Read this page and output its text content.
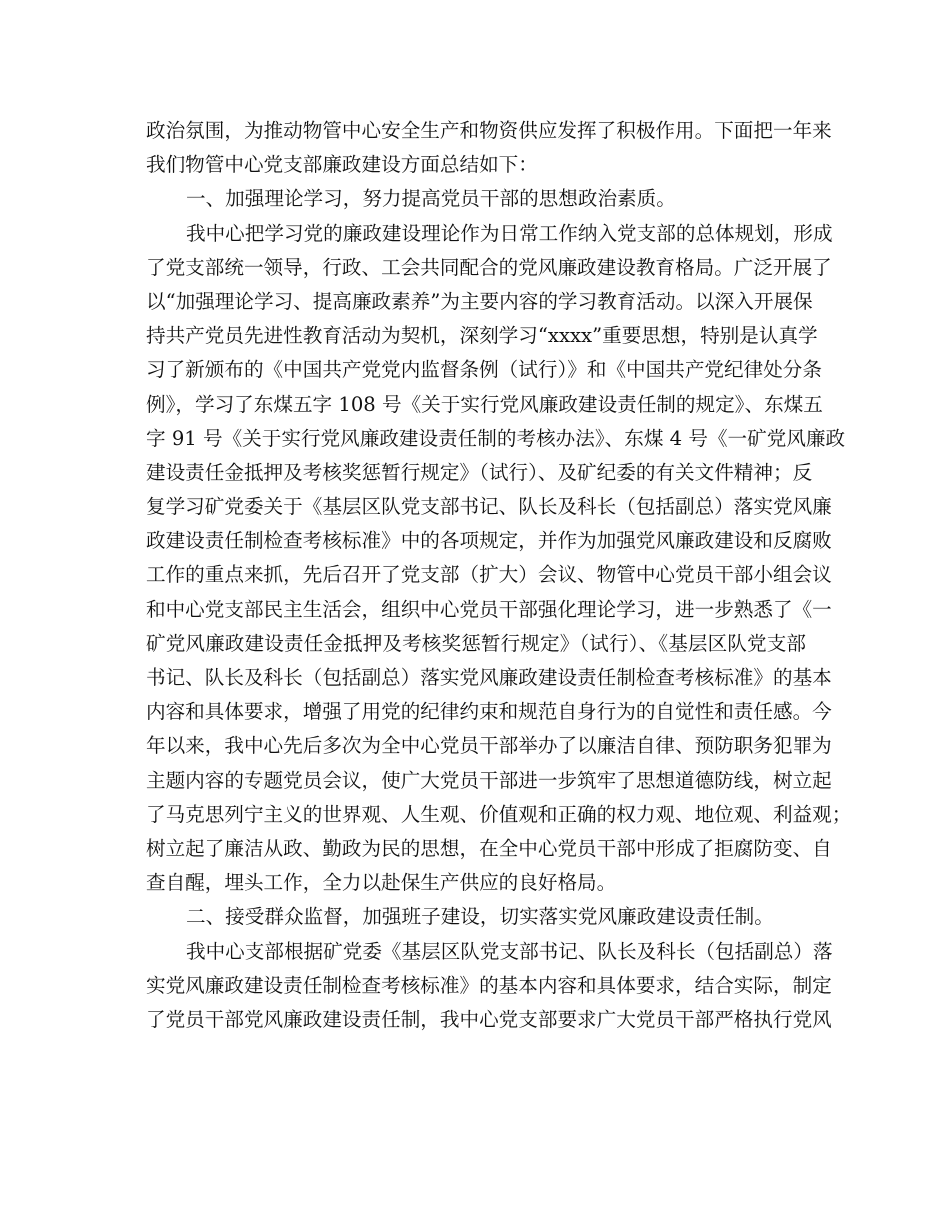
政治氛围，为推动物管中心安全生产和物资供应发挥了积极作用。下面把一年来
我们物管中心党支部廉政建设方面总结如下：
一、加强理论学习，努力提高党员干部的思想政治素质。
我中心把学习党的廉政建设理论作为日常工作纳入党支部的总体规划，形成
了党支部统一领导，行政、工会共同配合的党风廉政建设教育格局。广泛开展了
以“加强理论学习、提高廉政素养”为主要内容的学习教育活动。以深入开展保
持共产党员先进性教育活动为契机，深刻学习“xxxx”重要思想，特别是认真学
习了新颁布的《中国共产党党内监督条例（试行）》和《中国共产党纪律处分条
例》，学习了东煤五字 108 号《关于实行党风廉政建设责任制的规定》、东煤五
字 91 号《关于实行党风廉政建设责任制的考核办法》、东煤 4 号《一矿党风廉政
建设责任金抵押及考核奖惩暂行规定》（试行）、及矿纪委的有关文件精神；反
复学习矿党委关于《基层区队党支部书记、队长及科长（包括副总）落实党风廉
政建设责任制检查考核标准》中的各项规定，并作为加强党风廉政建设和反腐败
工作的重点来抓，先后召开了党支部（扩大）会议、物管中心党员干部小组会议
和中心党支部民主生活会，组织中心党员干部强化理论学习，进一步熟悉了《一
矿党风廉政建设责任金抵押及考核奖惩暂行规定》（试行）、《基层区队党支部
书记、队长及科长（包括副总）落实党风廉政建设责任制检查考核标准》的基本
内容和具体要求，增强了用党的纪律约束和规范自身行为的自觉性和责任感。今
年以来，我中心先后多次为全中心党员干部举办了以廉洁自律、预防职务犯罪为
主题内容的专题党员会议，使广大党员干部进一步筑牢了思想道德防线，树立起
了马克思列宁主义的世界观、人生观、价值观和正确的权力观、地位观、利益观；
树立起了廉洁从政、勤政为民的思想，在全中心党员干部中形成了拒腐防变、自
查自醒，埋头工作，全力以赴保生产供应的良好格局。
二、接受群众监督，加强班子建设，切实落实党风廉政建设责任制。
我中心支部根据矿党委《基层区队党支部书记、队长及科长（包括副总）落
实党风廉政建设责任制检查考核标准》的基本内容和具体要求，结合实际，制定
了党员干部党风廉政建设责任制，我中心党支部要求广大党员干部严格执行党风
